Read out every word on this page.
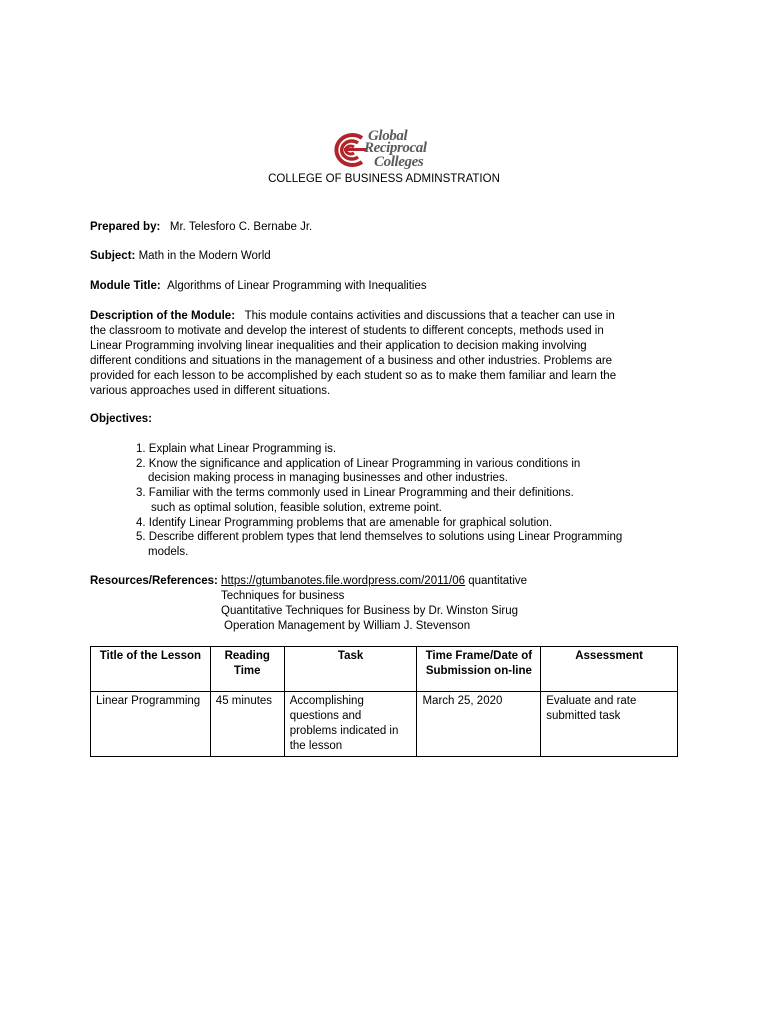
Global
Reciprocal
Colleges
COLLEGE OF BUSINESS ADMINSTRATION
Prepared by: Mr. Telesforo C. Bernabe Jr.
Subject: Math in the Modern World
Module Title: Algorithms of Linear Programming with Inequalities
Description of the Module: This module contains activities and discussions that a teacher can use in
the classroom to motivate and develop the interest of students to different concepts, methods used in
Linear Programming involving linear inequalities and their application to decision making involving
different conditions and situations in the management of a business and other industries. Problems are
provided for each lesson to be accomplished by each student so as to make them familiar and learn the
various approaches used in different situations.
Objectives:
1. Explain what Linear Programming is.
2. Know the significance and application of Linear Programming in various conditions in
decision making process in managing businesses and other industries.
3. Familiar with the terms commonly used in Linear Programming and their definitions.
such as optimal solution, feasible solution, extreme point.
4. Identify Linear Programming problems that are amenable for graphical solution.
5. Describe different problem types that lend themselves to solutions using Linear Programming
models.
Resources/References: https://gtumbanotes.file.wordpress.com/2011/06 quantitative
Techniques for business
Quantitative Techniques for Business by Dr. Winston Sirug
Operation Management by William J. Stevenson
Title of the Lesson	Reading Time	Task	Time Frame/Date of Submission on-line	Assessment
Linear Programming	45 minutes	Accomplishing questions and problems indicated in the lesson	March 25, 2020	Evaluate and rate submitted task
